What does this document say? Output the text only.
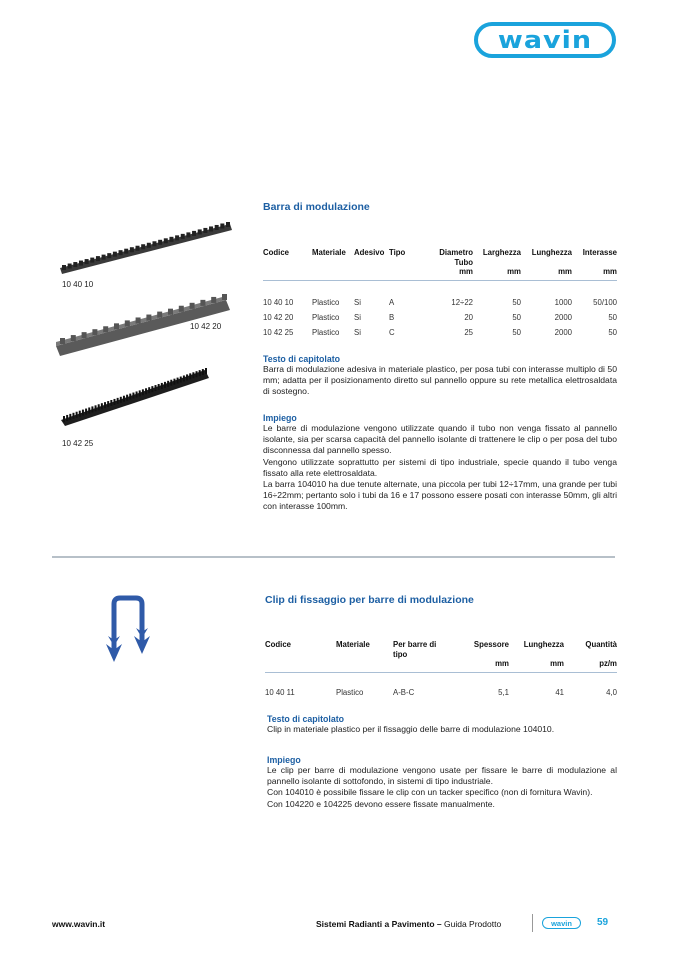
wavin
Barra di modulazione
10 40 10
10 42 20
10 42 25
Codice	Materiale	Adesivo	Tipo	Diametro Tubo	Larghezza	Lunghezza	Interasse
				mm	mm	mm	mm
10 40 10	Plastico	Si	A	12÷22	50	1000	50/100
10 42 20	Plastico	Si	B	20	50	2000	50
10 42 25	Plastico	Si	C	25	50	2000	50
Testo di capitolato
Barra di modulazione adesiva in materiale plastico, per posa tubi con interasse multiplo di 50 mm; adatta per il posizionamento diretto sul pannello oppure su rete metallica elettrosaldata di sostegno.
Impiego
Le barre di modulazione vengono utilizzate quando il tubo non venga fissato al pannello isolante, sia per scarsa capacità del pannello isolante di trattenere le clip o per posa del tubo disconnessa dal pannello spesso.
Vengono utilizzate soprattutto per sistemi di tipo industriale, specie quando il tubo venga fissato alla rete elettrosaldata.
La barra 104010 ha due tenute alternate, una piccola per tubi 12÷17mm, una grande per tubi 16÷22mm; pertanto solo i tubi da 16 e 17 possono essere posati con interasse 50mm, gli altri con interasse 100mm.
Clip di fissaggio per barre di modulazione
Codice	Materiale	Per barre di tipo	Spessore	Lunghezza	Quantità
			mm	mm	pz/m
10 40 11	Plastico	A-B-C	5,1	41	4,0
Testo di capitolato
Clip in materiale plastico per il fissaggio delle barre di modulazione 104010.
Impiego
Le clip per barre di modulazione vengono usate per fissare le barre di modulazione al pannello isolante di sottofondo, in sistemi di tipo industriale.
Con 104010 è possibile fissare le clip con un tacker specifico (non di fornitura Wavin).
Con 104220 e 104225 devono essere fissate manualmente.
www.wavin.it	Sistemi Radianti a Pavimento – Guida Prodotto	wavin	59
